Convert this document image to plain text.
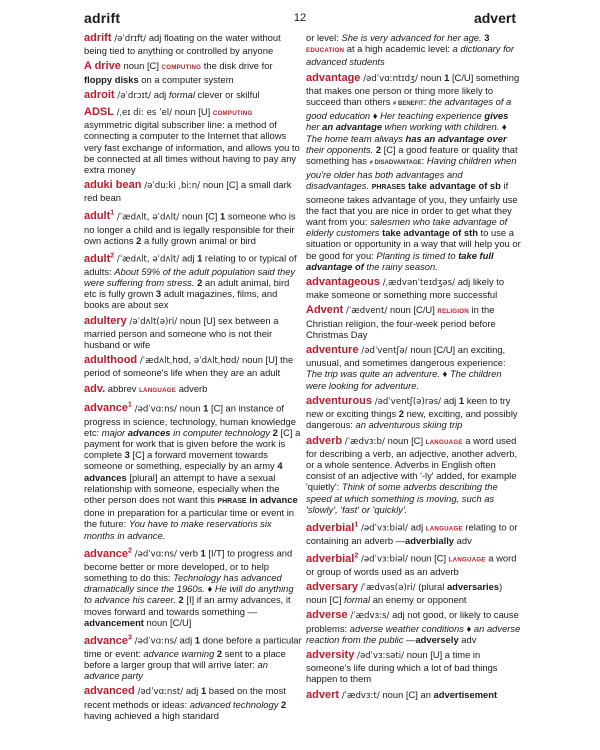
adrift	12	advert
adrift /əˈdrɪft/ adj floating on the water without being tied to anything or controlled by anyone
A drive noun [C] COMPUTING the disk drive for floppy disks on a computer system
adroit /əˈdrɔɪt/ adj formal clever or skilful
ADSL /ˌeɪ diː es ˈel/ noun [U] COMPUTING asymmetric digital subscriber line: a method of connecting a computer to the Internet that allows very fast exchange of information, and allows you to be connected at all times without having to pay any extra money
aduki bean /əˈduːki ˌbiːn/ noun [C] a small dark red bean
adult$^1$ /ˈædʌlt, əˈdʌlt/ noun [C] 1 someone who is no longer a child and is legally responsible for their own actions 2 a fully grown animal or bird
adult$^2$ /ˈædʌlt, əˈdʌlt/ adj 1 relating to or typical of adults: About 59% of the adult population said they were suffering from stress. 2 an adult animal, bird etc is fully grown 3 adult magazines, films, and books are about sex
adultery /əˈdʌlt(ə)ri/ noun [U] sex between a married person and someone who is not their husband or wife
adulthood /ˈædʌltˌhʊd, əˈdʌltˌhʊd/ noun [U] the period of someone's life when they are an adult
adv. abbrev LANGUAGE adverb
advance$^1$ /ədˈvɑːns/ noun 1 [C] an instance of progress in science, technology, human knowledge etc: major advances in computer technology 2 [C] a payment for work that is given before the work is complete 3 [C] a forward movement towards someone or something, especially by an army 4 advances [plural] an attempt to have a sexual relationship with someone, especially when the other person does not want this PHRASE in advance done in preparation for a particular time or event in the future: You have to make reservations six months in advance.
advance$^2$ /ədˈvɑːns/ verb 1 [I/T] to progress and become better or more developed, or to help something to do this: Technology has advanced dramatically since the 1960s. ♦ He will do anything to advance his career. 2 [I] if an army advances, it moves forward and towards something —advancement noun [C/U]
advance$^3$ /ədˈvɑːns/ adj 1 done before a particular time or event: advance warning 2 sent to a place before a larger group that will arrive later: an advance party
advanced /ədˈvɑːnst/ adj 1 based on the most recent methods or ideas: advanced technology 2 having achieved a high standard
or level: She is very advanced for her age. 3 EDUCATION at a high academic level: a dictionary for advanced students
advantage /ədˈvɑːntɪdʒ/ noun 1 [C/U] something that makes one person or thing more likely to succeed than others ≠ BENEFIT: the advantages of a good education ♦ Her teaching experience gives her an advantage when working with children. ♦ The home team always has an advantage over their opponents. 2 [C] a good feature or quality that something has ≠ DISADVANTAGE: Having children when you're older has both advantages and disadvantages. PHRASES take advantage of sb if someone takes advantage of you, they unfairly use the fact that you are nice in order to get what they want from you: salesmen who take advantage of elderly customers take advantage of sth to use a situation or opportunity in a way that will help you or be good for you: Planting is timed to take full advantage of the rainy season.
advantageous /ˌædvənˈteɪdʒəs/ adj likely to make someone or something more successful
Advent /ˈædvent/ noun [C/U] RELIGION in the Christian religion, the four-week period before Christmas Day
adventure /ədˈventʃə/ noun [C/U] an exciting, unusual, and sometimes dangerous experience: The trip was quite an adventure. ♦ The children were looking for adventure.
adventurous /ədˈventʃ(ə)rəs/ adj 1 keen to try new or exciting things 2 new, exciting, and possibly dangerous: an adventurous skiing trip
adverb /ˈædvɜːb/ noun [C] LANGUAGE a word used for describing a verb, an adjective, another adverb, or a whole sentence. Adverbs in English often consist of an adjective with '-ly' added, for example 'quietly': Think of some adverbs describing the speed at which something is moving, such as 'slowly', 'fast' or 'quickly'.
adverbial$^1$ /ədˈvɜːbiəl/ adj LANGUAGE relating to or containing an adverb —adverbially adv
adverbial$^2$ /ədˈvɜːbiəl/ noun [C] LANGUAGE a word or group of words used as an adverb
adversary /ˈædvəs(ə)ri/ (plural adversaries) noun [C] formal an enemy or opponent
adverse /ˈædvɜːs/ adj not good, or likely to cause problems: adverse weather conditions ♦ an adverse reaction from the public —adversely adv
adversity /ədˈvɜːsəti/ noun [U] a time in someone's life during which a lot of bad things happen to them
advert /ˈædvɜːt/ noun [C] an advertisement
